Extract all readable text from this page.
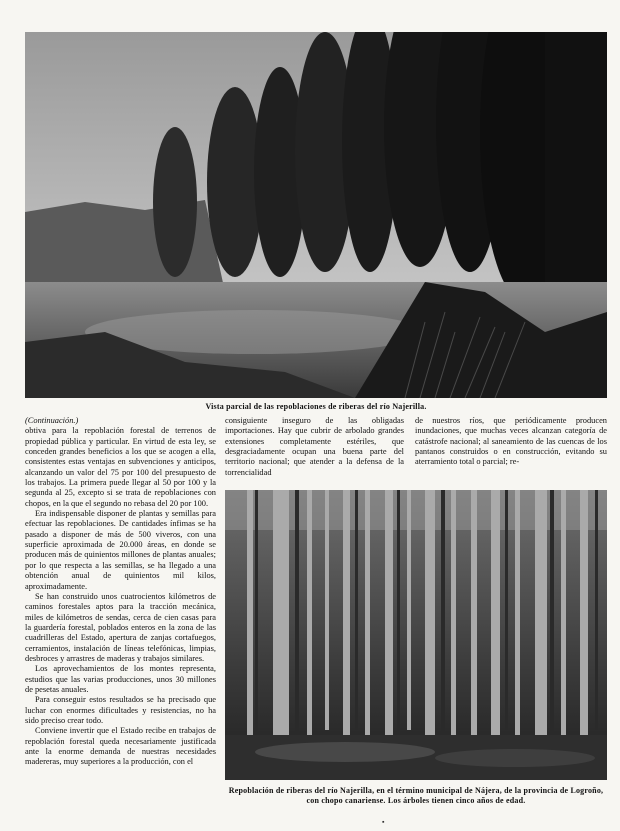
Vista parcial de las repoblaciones de riberas del río Najerilla.

(Continuación.)
obtiva para la repoblación forestal de terrenos de propiedad pública y particular. En virtud de esta ley, se conceden grandes beneficios a los que se acogen a ella, consistentes estas ventajas en subvenciones y anticipos, alcanzando un valor del 75 por 100 del presupuesto de los trabajos. La primera puede llegar al 50 por 100 y la segunda al 25, excepto si se trata de repoblaciones con chopos, en la que el segundo no rebasa del 20 por 100.

Era indispensable disponer de plantas y semillas para efectuar las repoblaciones. De cantidades ínfimas se ha pasado a disponer de más de 500 viveros, con una superficie aproximada de 20.000 áreas, en donde se producen más de quinientos millones de plantas anuales; por lo que respecta a las semillas, se ha llegado a una obtención anual de quinientos mil kilos, aproximadamente.

Se han construido unos cuatrocientos kilómetros de caminos forestales aptos para la tracción mecánica, miles de kilómetros de sendas, cerca de cien casas para la guardería forestal, poblados enteros en la zona de las cuadrilleras del Estado, apertura de zanjas cortafuegos, cerramientos, instalación de líneas telefónicas, limpias, desbroces y arrastres de maderas y trabajos similares.

Los aprovechamientos de los montes representa, estudios que las varias producciones, unos 30 millones de pesetas anuales.

Para conseguir estos resultados se ha precisado que luchar con enormes dificultades y resistencias, no ha sido preciso crear todo.

Conviene invertir que el Estado recibe en trabajos de repoblación forestal queda necesariamente justificada ante la enorme demanda de nuestras necesidades madereras, muy superiores a la producción, con el

consiguiente inseguro de las obligadas importaciones. Hay que cubrir de arbolado grandes extensiones completamente estériles, que desgraciadamente ocupan una buena parte del territorio nacional; que atender a la defensa de la torrencialidad

de nuestros ríos, que periódicamente producen inundaciones, que muchas veces alcanzan categoría de catástrofe nacional; al saneamiento de las cuencas de los pantanos construidos o en construcción, evitando su aterramiento total o parcial; re-

Repoblación de riberas del río Najerilla, en el término municipal de Nájera, de la provincia de Logroño, con chopo canariense. Los árboles tienen cinco años de edad.
▪
